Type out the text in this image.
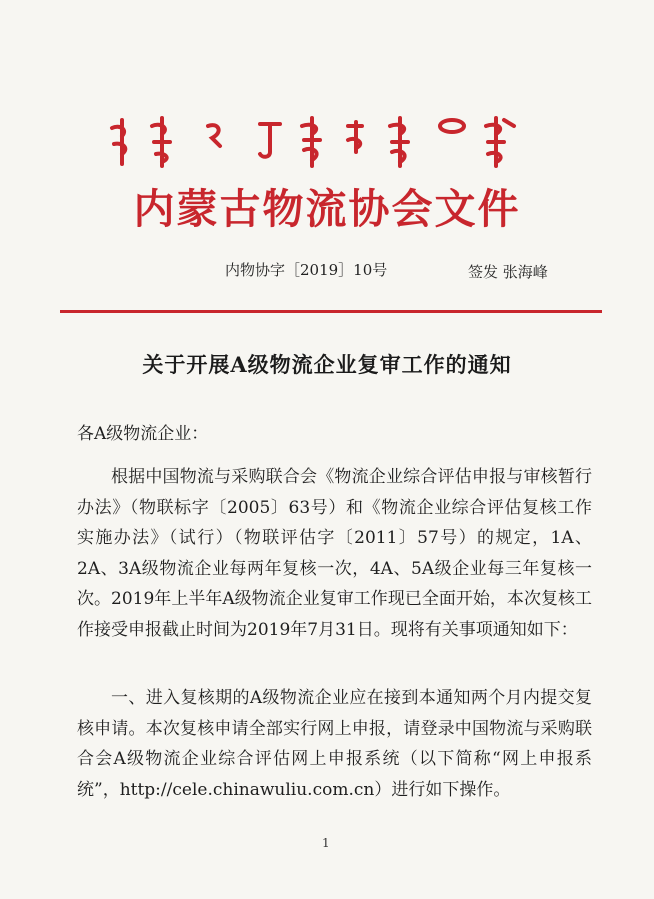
内蒙古物流协会文件
内物协字［2019］10号	签发 张海峰
关于开展A级物流企业复审工作的通知
各A级物流企业：
根据中国物流与采购联合会《物流企业综合评估申报与审核暂行办法》（物联标字〔2005〕63号）和《物流企业综合评估复核工作实施办法》（试行）（物联评估字〔2011〕57号）的规定，1A、2A、3A级物流企业每两年复核一次，4A、5A级企业每三年复核一次。2019年上半年A级物流企业复审工作现已全面开始，本次复核工作接受申报截止时间为2019年7月31日。现将有关事项通知如下：
一、进入复核期的A级物流企业应在接到本通知两个月内提交复核申请。本次复核申请全部实行网上申报，请登录中国物流与采购联合会A级物流企业综合评估网上申报系统（以下简称“网上申报系统”，http://cele.chinawuliu.com.cn）进行如下操作。
1
